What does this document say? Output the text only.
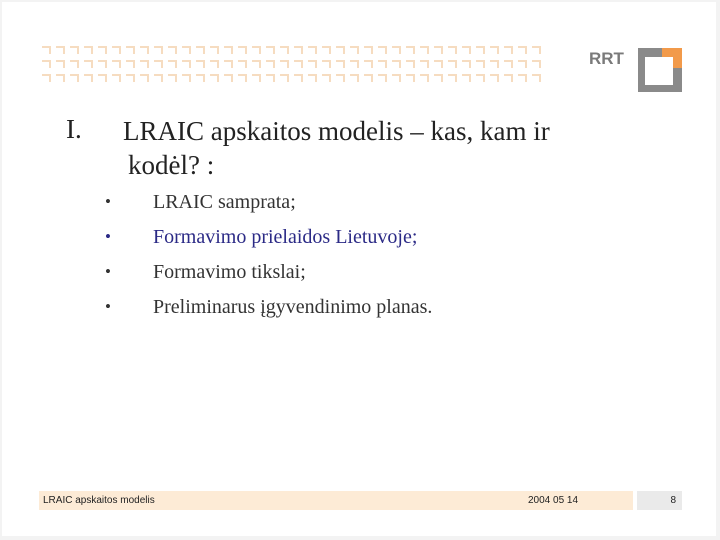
RRT
I. LRAIC apskaitos modelis – kas, kam ir
kodėl? :
•	LRAIC samprata;
•	Formavimo prielaidos Lietuvoje;
•	Formavimo tikslai;
•	Preliminarus įgyvendinimo planas.
LRAIC apskaitos modelis	2004 05 14	8
